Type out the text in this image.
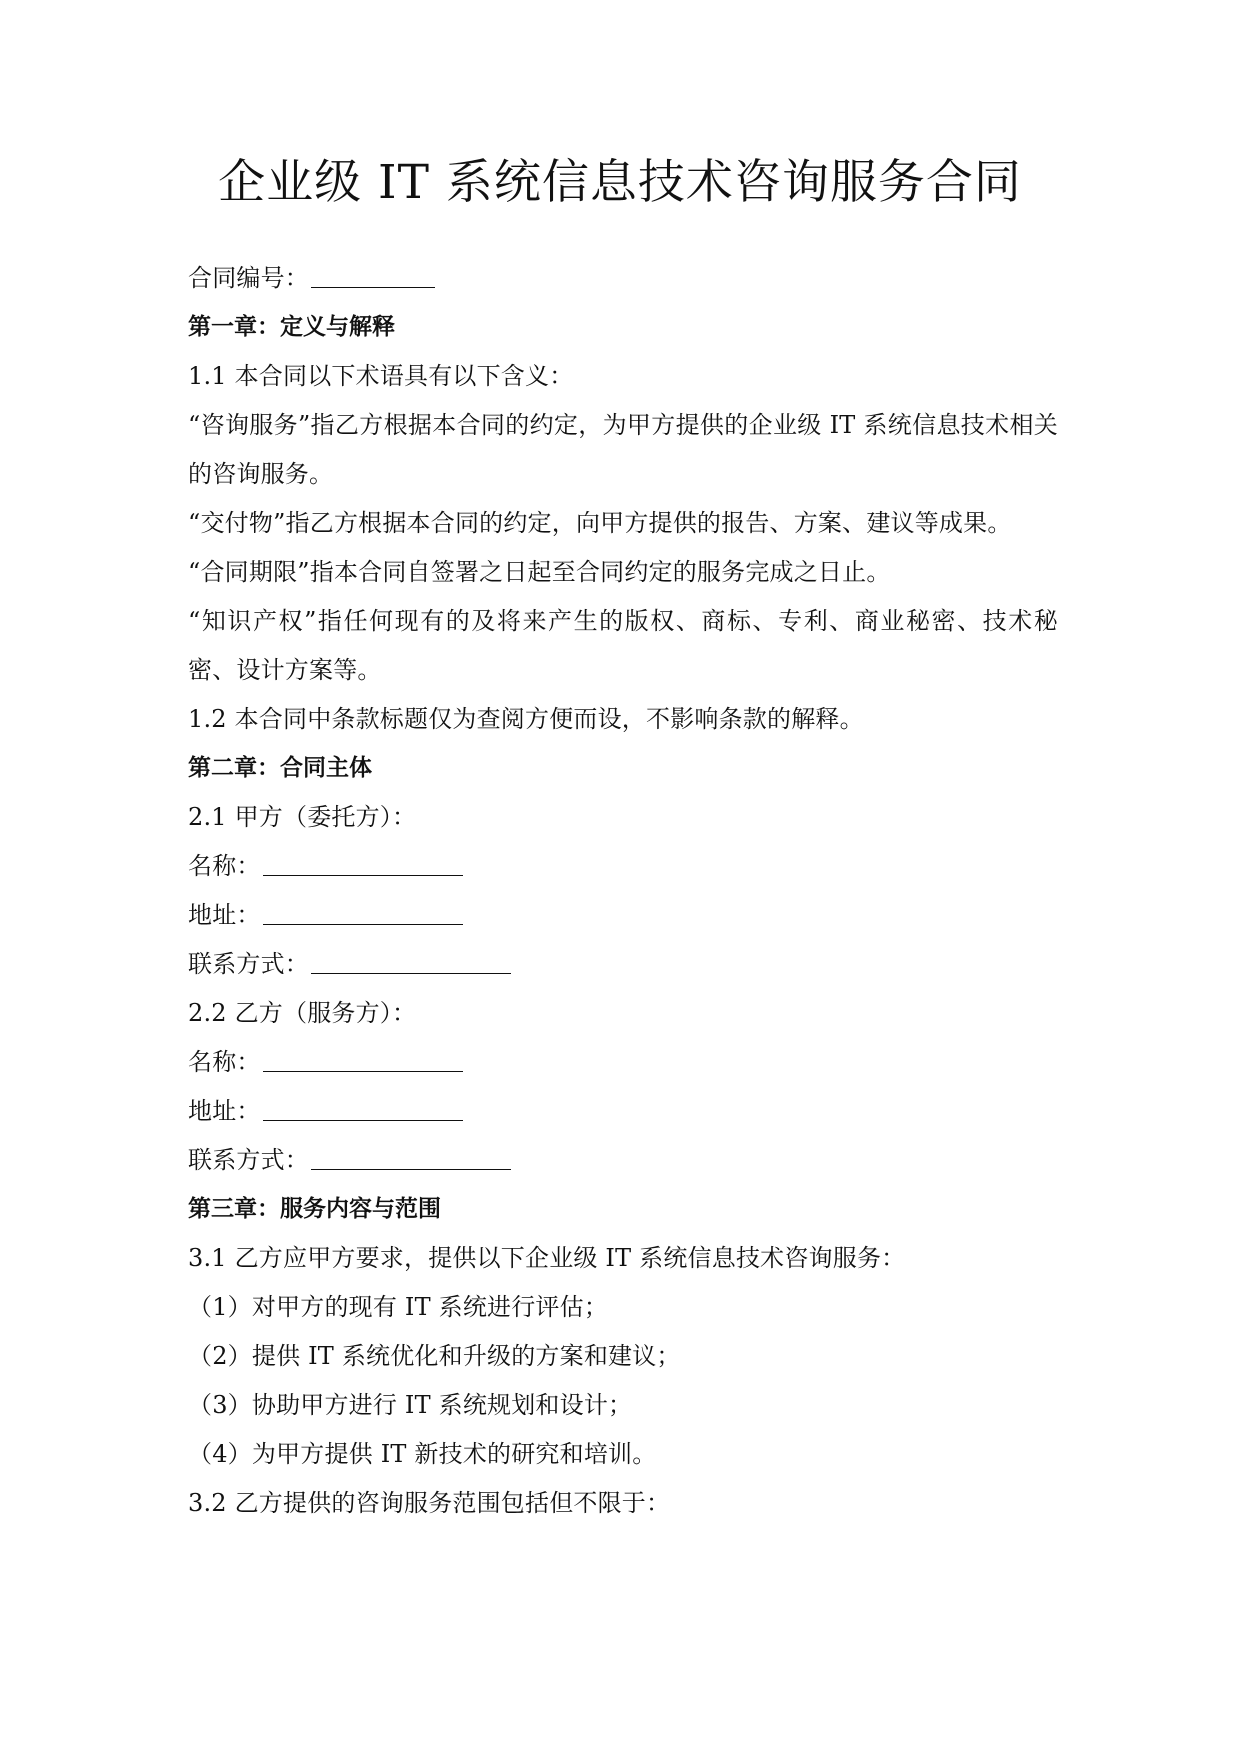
企业级 IT 系统信息技术咨询服务合同
合同编号：
第一章：定义与解释
1.1 本合同以下术语具有以下含义：
“咨询服务”指乙方根据本合同的约定，为甲方提供的企业级 IT 系统信息技术相关的咨询服务。
“交付物”指乙方根据本合同的约定，向甲方提供的报告、方案、建议等成果。
“合同期限”指本合同自签署之日起至合同约定的服务完成之日止。
“知识产权”指任何现有的及将来产生的版权、商标、专利、商业秘密、技术秘密、设计方案等。
1.2 本合同中条款标题仅为查阅方便而设，不影响条款的解释。
第二章：合同主体
2.1 甲方（委托方）：
名称：
地址：
联系方式：
2.2 乙方（服务方）：
名称：
地址：
联系方式：
第三章：服务内容与范围
3.1 乙方应甲方要求，提供以下企业级 IT 系统信息技术咨询服务：
（1）对甲方的现有 IT 系统进行评估；
（2）提供 IT 系统优化和升级的方案和建议；
（3）协助甲方进行 IT 系统规划和设计；
（4）为甲方提供 IT 新技术的研究和培训。
3.2 乙方提供的咨询服务范围包括但不限于：
